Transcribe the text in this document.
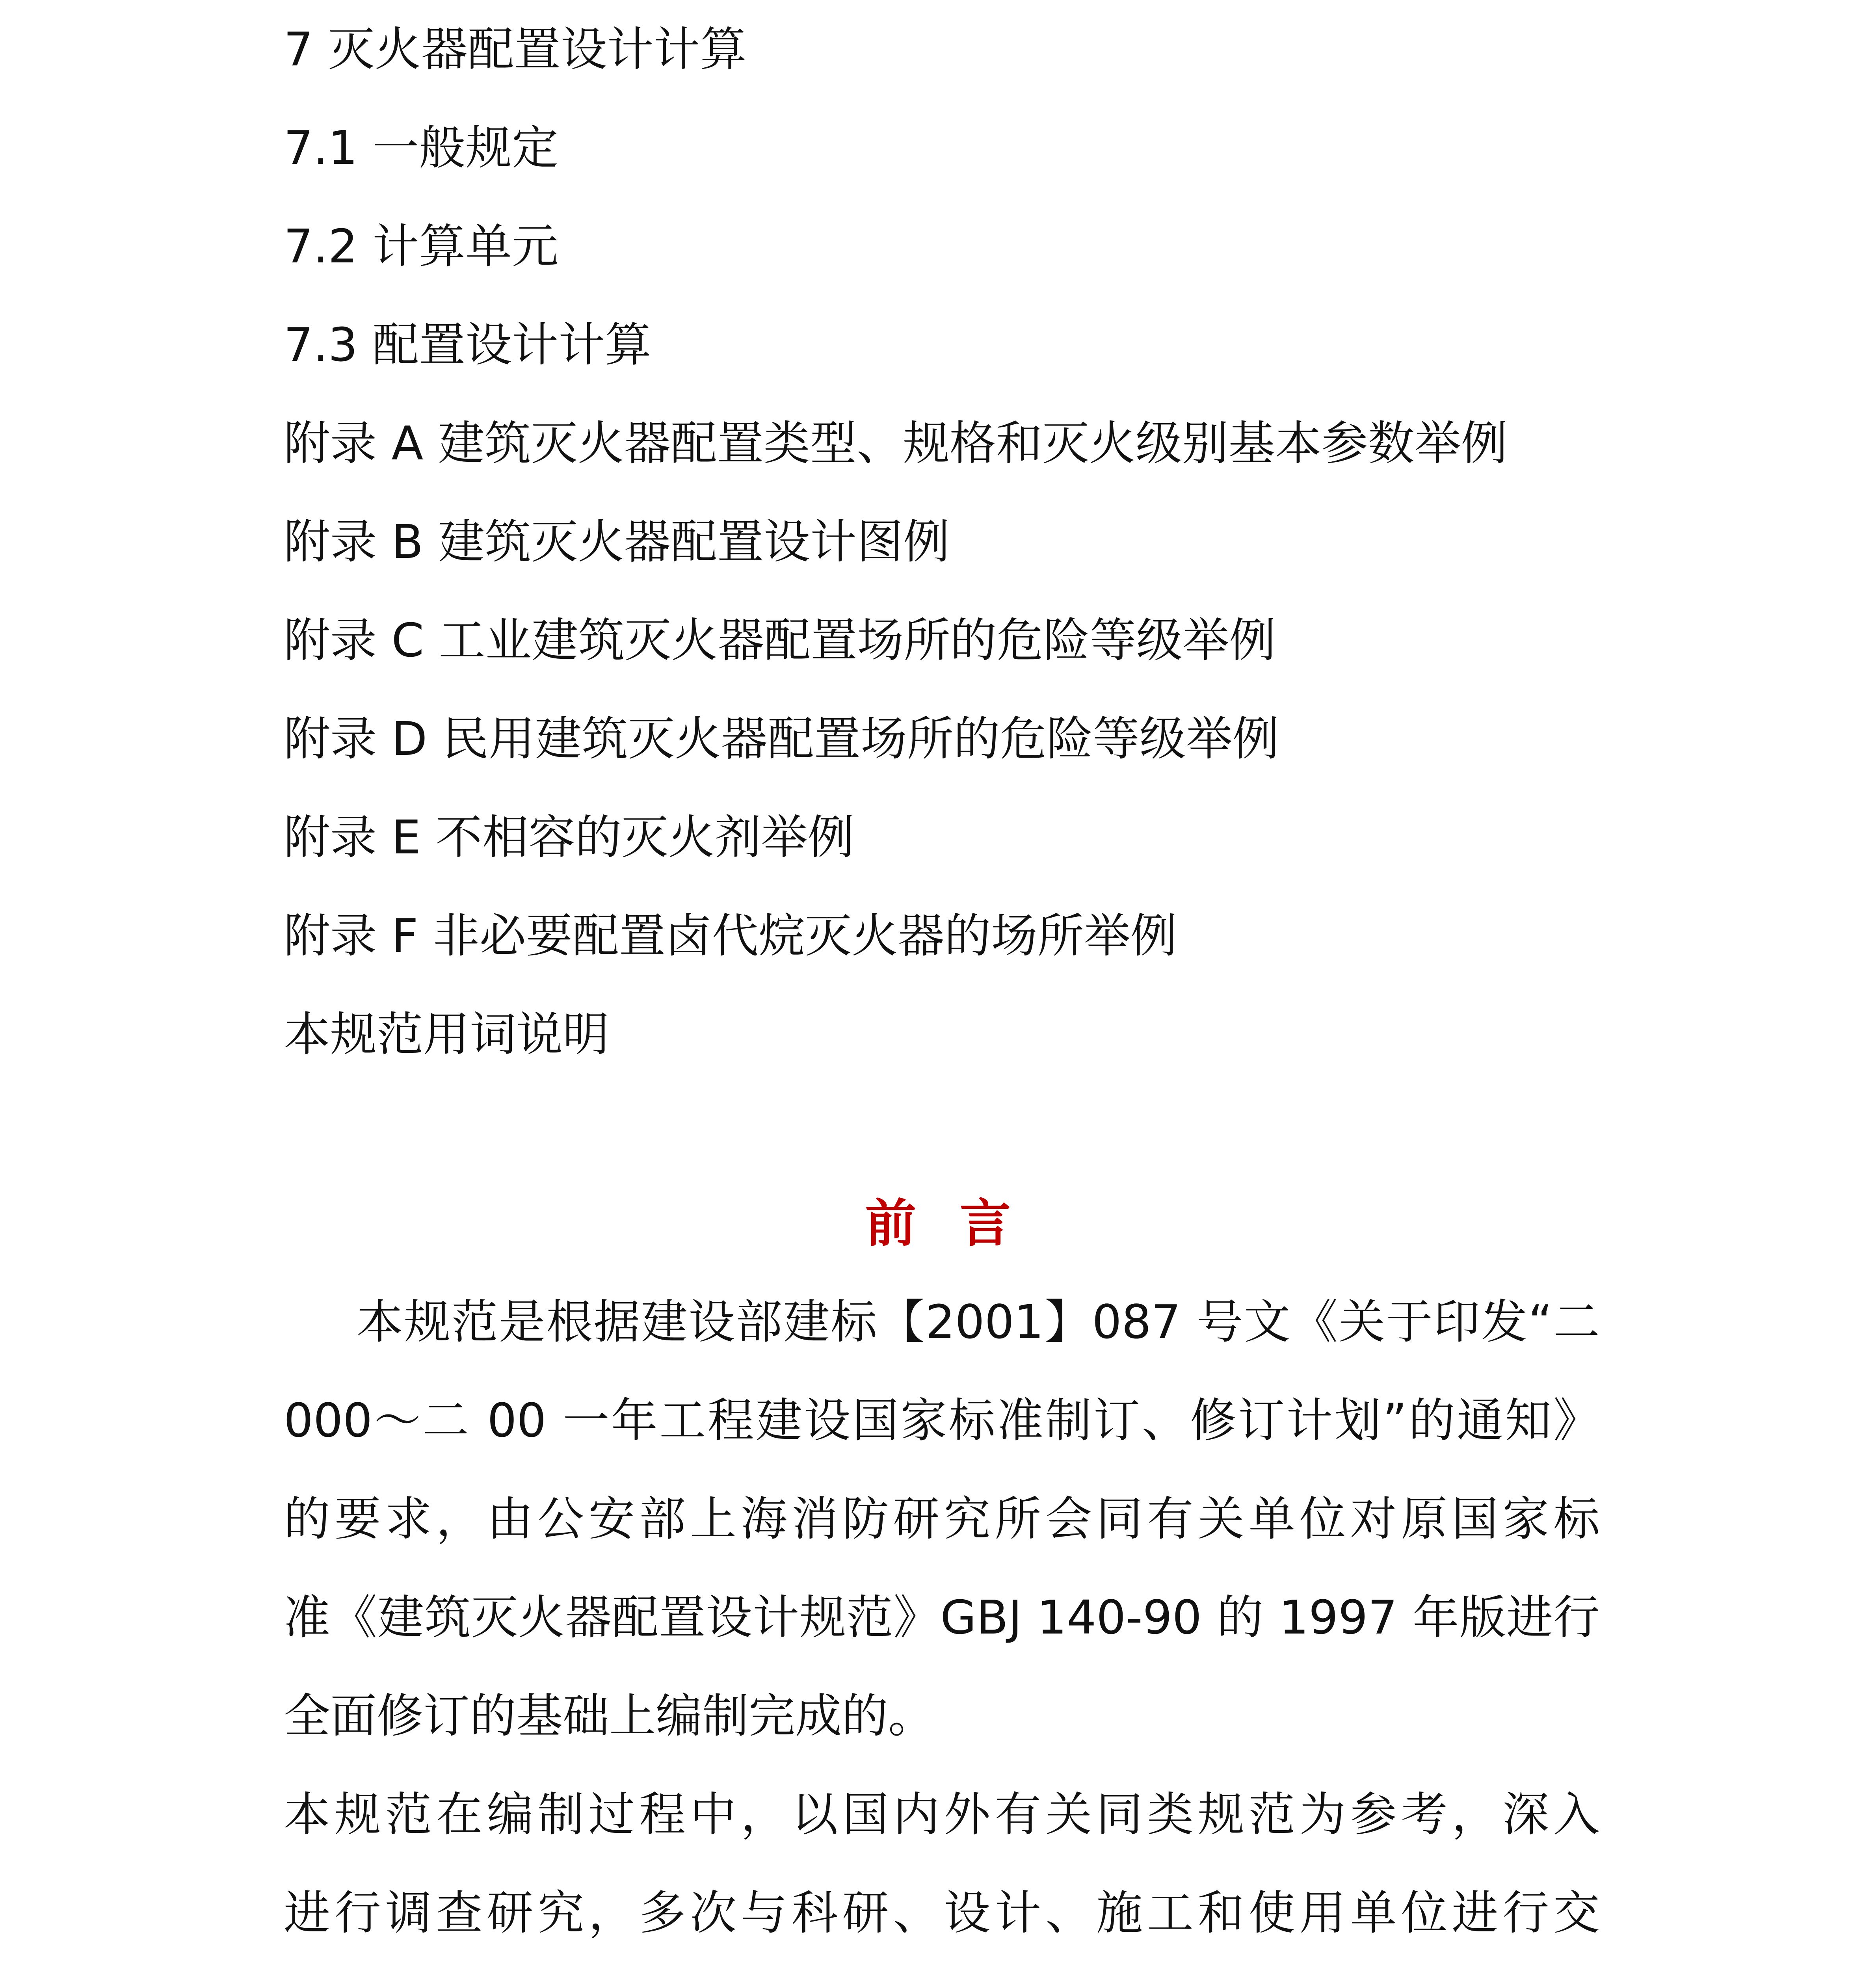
7 灭火器配置设计计算
7.1 一般规定
7.2 计算单元
7.3 配置设计计算
附录 A 建筑灭火器配置类型、规格和灭火级别基本参数举例
附录 B 建筑灭火器配置设计图例
附录 C 工业建筑灭火器配置场所的危险等级举例
附录 D 民用建筑灭火器配置场所的危险等级举例
附录 E 不相容的灭火剂举例
附录 F 非必要配置卤代烷灭火器的场所举例
本规范用词说明
前言
本规范是根据建设部建标【2001】087 号文《关于印发“二
000～二 00 一年工程建设国家标准制订、修订计划”的通知》
的要求，由公安部上海消防研究所会同有关单位对原国家标
准《建筑灭火器配置设计规范》GBJ 140-90 的 1997 年版进行
全面修订的基础上编制完成的。
本规范在编制过程中，以国内外有关同类规范为参考，深入
进行调查研究，多次与科研、设计、施工和使用单位进行交
